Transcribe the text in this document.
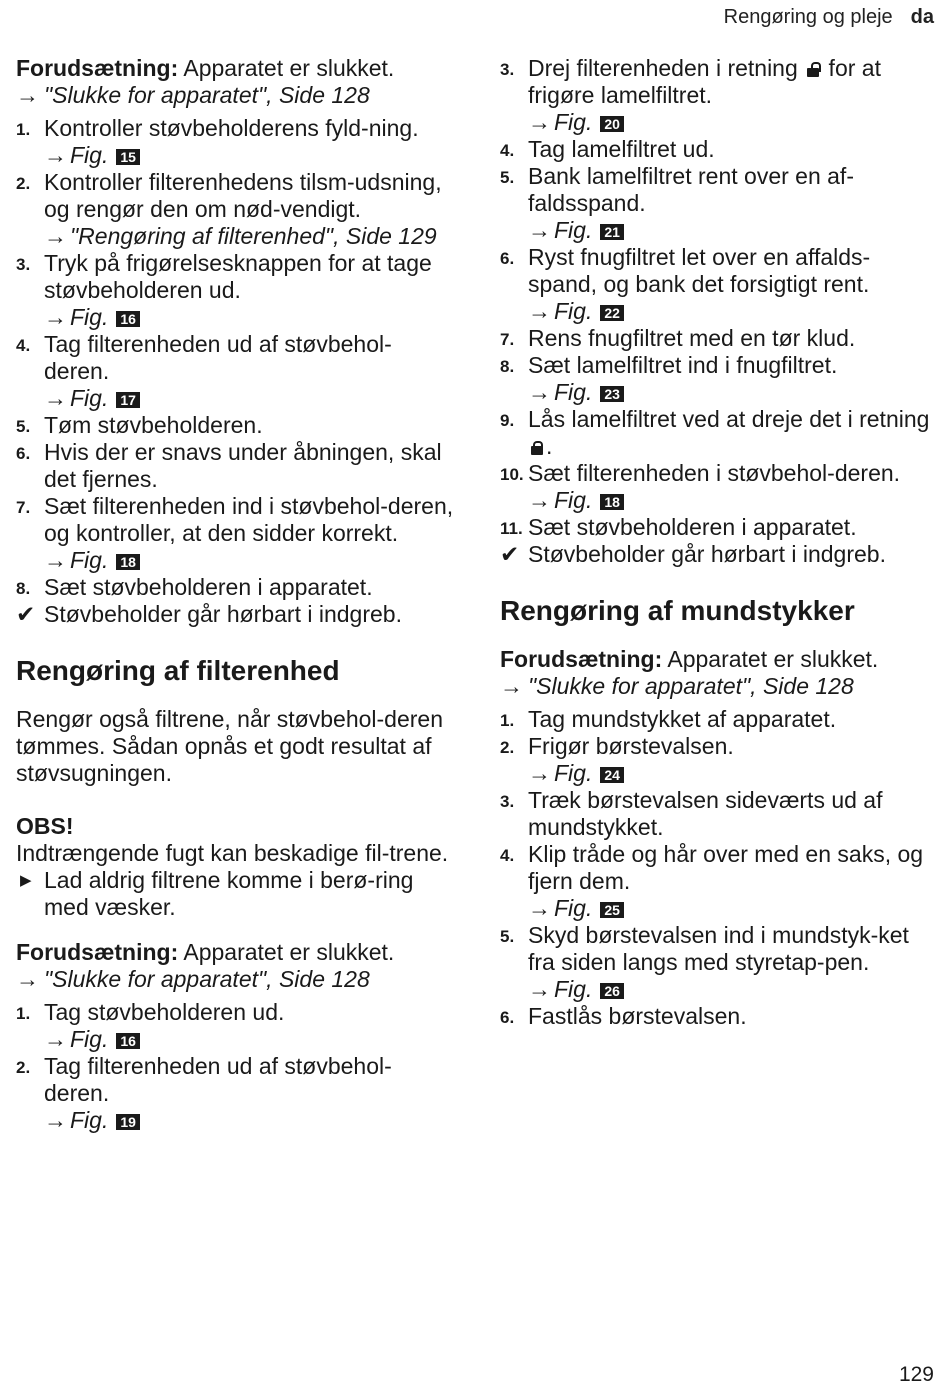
Rengøring og pleje da
Forudsætning: Apparatet er slukket.
→ "Slukke for apparatet", Side 128
1. Kontroller støvbeholderens fyld-ning.
→ Fig. 15
2. Kontroller filterenhedens tilsm-udsning, og rengør den om nød-vendigt.
→ "Rengøring af filterenhed", Side 129
3. Tryk på frigørelsesknappen for at tage støvbeholderen ud.
→ Fig. 16
4. Tag filterenheden ud af støvbehol-deren.
→ Fig. 17
5. Tøm støvbeholderen.
6. Hvis der er snavs under åbningen, skal det fjernes.
7. Sæt filterenheden ind i støvbehol-deren, og kontroller, at den sidder korrekt.
→ Fig. 18
8. Sæt støvbeholderen i apparatet.
✔ Støvbeholder går hørbart i indgreb.
Rengøring af filterenhed
Rengør også filtrene, når støvbehol-deren tømmes. Sådan opnås et godt resultat af støvsugningen.
OBS!
Indtrængende fugt kan beskadige fil-trene.
▶ Lad aldrig filtrene komme i berø-ring med væsker.
Forudsætning: Apparatet er slukket.
→ "Slukke for apparatet", Side 128
1. Tag støvbeholderen ud.
→ Fig. 16
2. Tag filterenheden ud af støvbehol-deren.
→ Fig. 19
3. Drej filterenheden i retning
for at frigøre lamelfiltret.
→ Fig. 20
4. Tag lamelfiltret ud.
5. Bank lamelfiltret rent over en af-faldsspand.
→ Fig. 21
6. Ryst fnugfiltret let over en affalds-spand, og bank det forsigtigt rent.
→ Fig. 22
7. Rens fnugfiltret med en tør klud.
8. Sæt lamelfiltret ind i fnugfiltret.
→ Fig. 23
9. Lås lamelfiltret ved at dreje det i retning
.
10. Sæt filterenheden i støvbehol-deren.
→ Fig. 18
11. Sæt støvbeholderen i apparatet.
✔ Støvbeholder går hørbart i indgreb.
Rengøring af mundstykker
Forudsætning: Apparatet er slukket.
→ "Slukke for apparatet", Side 128
1. Tag mundstykket af apparatet.
2. Frigør børstevalsen.
→ Fig. 24
3. Træk børstevalsen sideværts ud af mundstykket.
4. Klip tråde og hår over med en saks, og fjern dem.
→ Fig. 25
5. Skyd børstevalsen ind i mundstyk-ket fra siden langs med styretap-pen.
→ Fig. 26
6. Fastlås børstevalsen.
129
